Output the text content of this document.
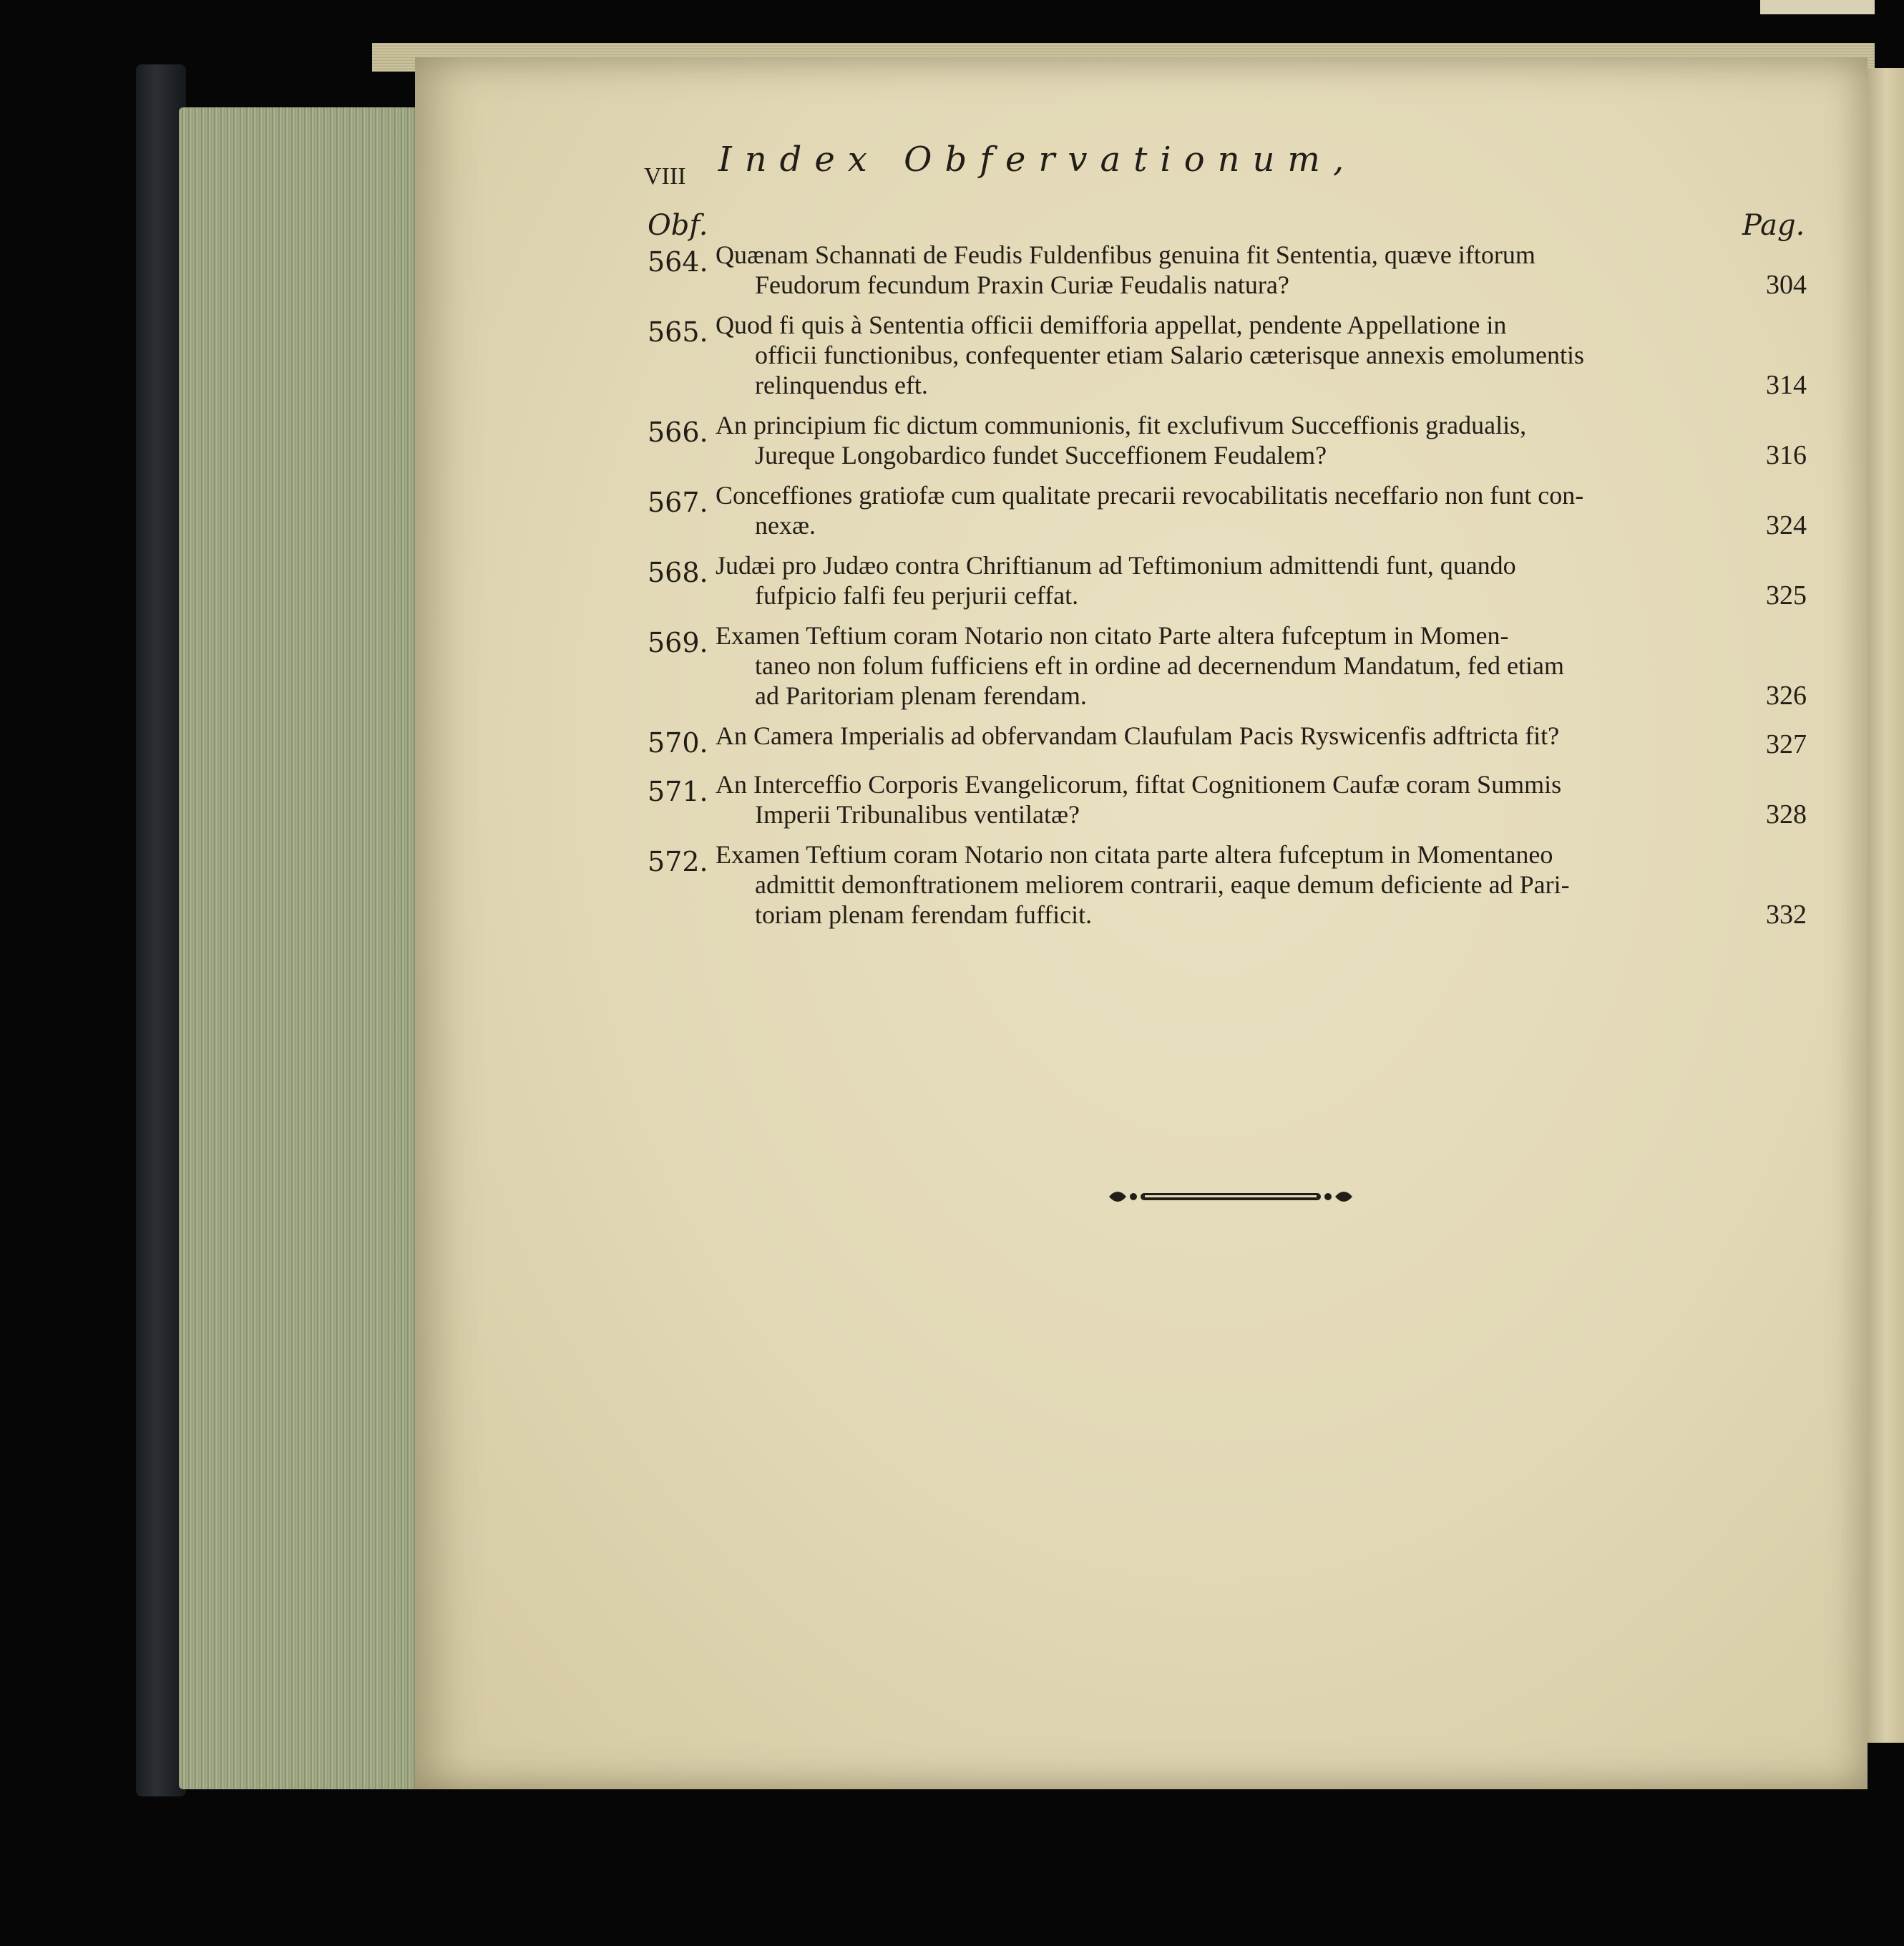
VIII Index Obfervationum,
Obf.	Pag.
564. Quænam Schannati de Feudis Fuldenfibus genuina fit Sententia, quæve iftorum
Feudorum fecundum Praxin Curiæ Feudalis natura?	304
565. Quod fi quis à Sententia officii demifforia appellat, pendente Appellatione in
officii functionibus, confequenter etiam Salario cæterisque annexis emolumentis
relinquendus eft.	314
566. An principium fic dictum communionis, fit exclufivum Succeffionis gradualis,
Jureque Longobardico fundet Succeffionem Feudalem?	316
567. Conceffiones gratiofæ cum qualitate precarii revocabilitatis neceffario non funt con-
nexæ.	324
568. Judæi pro Judæo contra Chriftianum ad Teftimonium admittendi funt, quando
fufpicio falfi feu perjurii ceffat.	325
569. Examen Teftium coram Notario non citato Parte altera fufceptum in Momen-
taneo non folum fufficiens eft in ordine ad decernendum Mandatum, fed etiam
ad Paritoriam plenam ferendam.	326
570. An Camera Imperialis ad obfervandam Claufulam Pacis Ryswicenfis adftricta fit?	327
571. An Interceffio Corporis Evangelicorum, fiftat Cognitionem Caufæ coram Summis
Imperii Tribunalibus ventilatæ?	328
572. Examen Teftium coram Notario non citata parte altera fufceptum in Momentaneo
admittit demonftrationem meliorem contrarii, eaque demum deficiente ad Pari-
toriam plenam ferendam fufficit.	332
